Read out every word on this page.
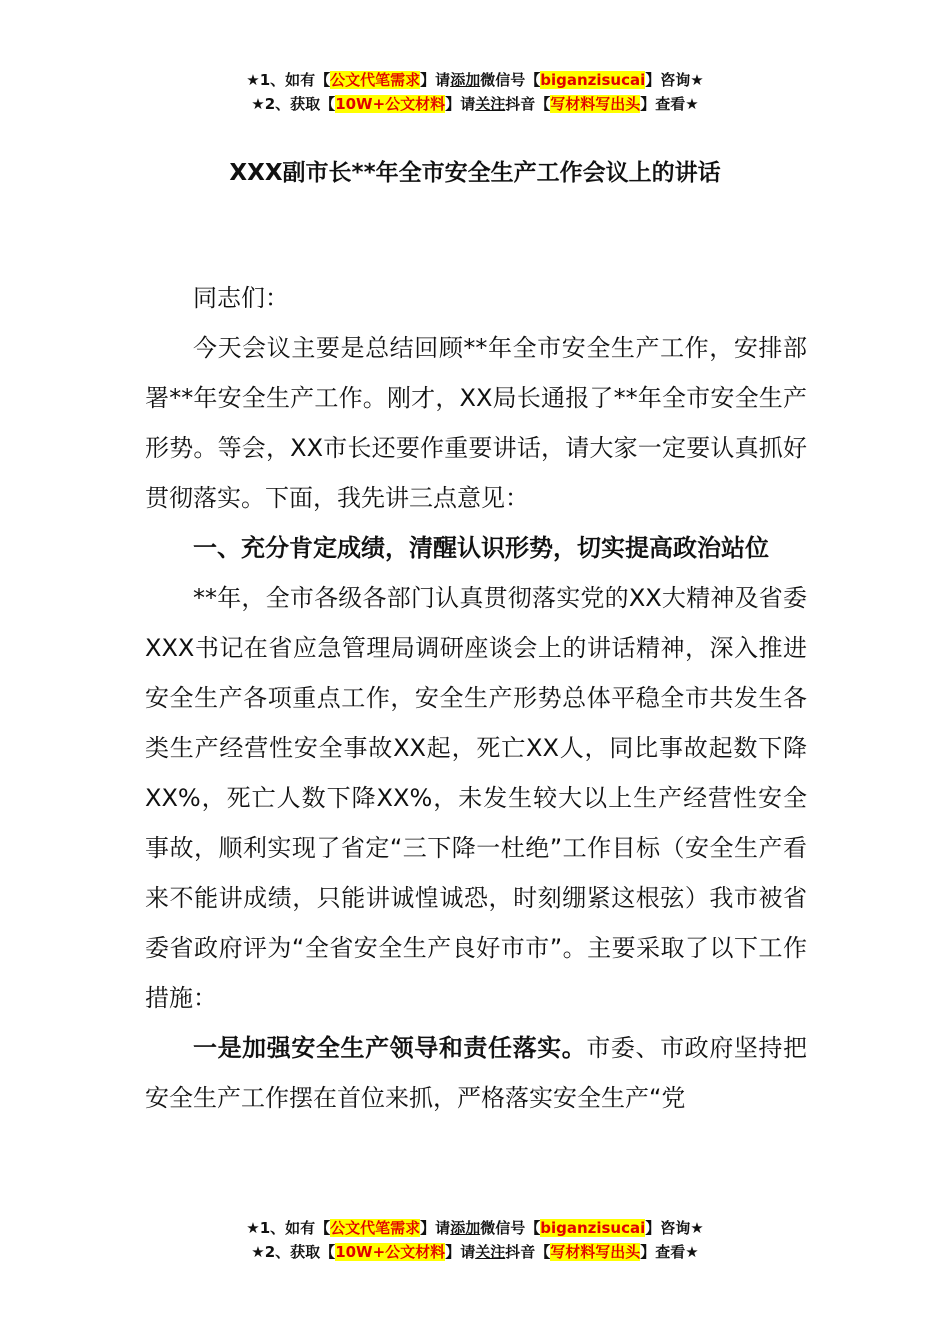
★1、如有【公文代笔需求】请添加微信号【biganzisucai】咨询★
★2、获取【10W+公文材料】请关注抖音【写材料写出头】查看★
XXX副市长**年全市安全生产工作会议上的讲话

同志们：

今天会议主要是总结回顾**年全市安全生产工作，安排部署**年安全生产工作。刚才，XX局长通报了**年全市安全生产形势。等会，XX市长还要作重要讲话，请大家一定要认真抓好贯彻落实。下面，我先讲三点意见：

一、充分肯定成绩，清醒认识形势，切实提高政治站位

**年，全市各级各部门认真贯彻落实党的XX大精神及省委XXX书记在省应急管理局调研座谈会上的讲话精神，深入推进安全生产各项重点工作，安全生产形势总体平稳全市共发生各类生产经营性安全事故XX起，死亡XX人，同比事故起数下降XX%，死亡人数下降XX%，未发生较大以上生产经营性安全事故，顺利实现了省定“三下降一杜绝”工作目标（安全生产看来不能讲成绩，只能讲诚惶诚恐，时刻绷紧这根弦）我市被省委省政府评为“全省安全生产良好市市”。主要采取了以下工作措施：

一是加强安全生产领导和责任落实。市委、市政府坚持把安全生产工作摆在首位来抓，严格落实安全生产“党

★1、如有【公文代笔需求】请添加微信号【biganzisucai】咨询★
★2、获取【10W+公文材料】请关注抖音【写材料写出头】查看★
